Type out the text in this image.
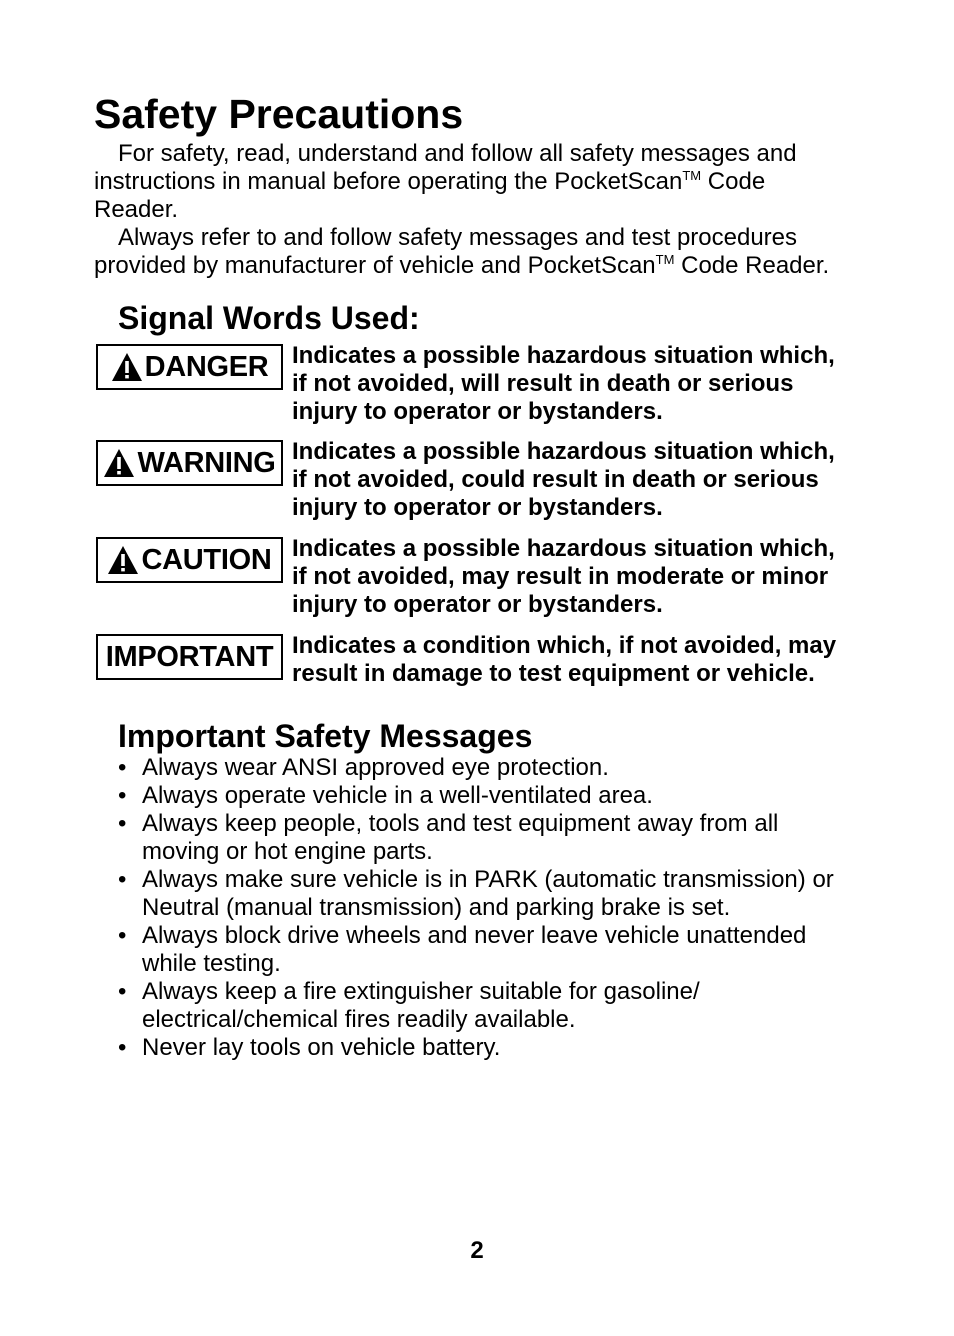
Safety Precautions

For safety, read, understand and follow all safety messages and instructions in manual before operating the PocketScan™ Code Reader.

Always refer to and follow safety messages and test procedures provided by manufacturer of vehicle and PocketScan™ Code Reader.

Signal Words Used:
DANGER Indicates a possible hazardous situation which, if not avoided, will result in death or serious injury to operator or bystanders.
WARNING Indicates a possible hazardous situation which, if not avoided, could result in death or serious injury to operator or bystanders.
CAUTION Indicates a possible hazardous situation which, if not avoided, may result in moderate or minor injury to operator or bystanders.
IMPORTANT Indicates a condition which, if not avoided, may result in damage to test equipment or vehicle.
Important Safety Messages
• Always wear ANSI approved eye protection.
• Always operate vehicle in a well-ventilated area.
• Always keep people, tools and test equipment away from all moving or hot engine parts.
• Always make sure vehicle is in PARK (automatic transmission) or Neutral (manual transmission) and parking brake is set.
• Always block drive wheels and never leave vehicle unattended while testing.
• Always keep a fire extinguisher suitable for gasoline/ electrical/chemical fires readily available.
• Never lay tools on vehicle battery.
2
